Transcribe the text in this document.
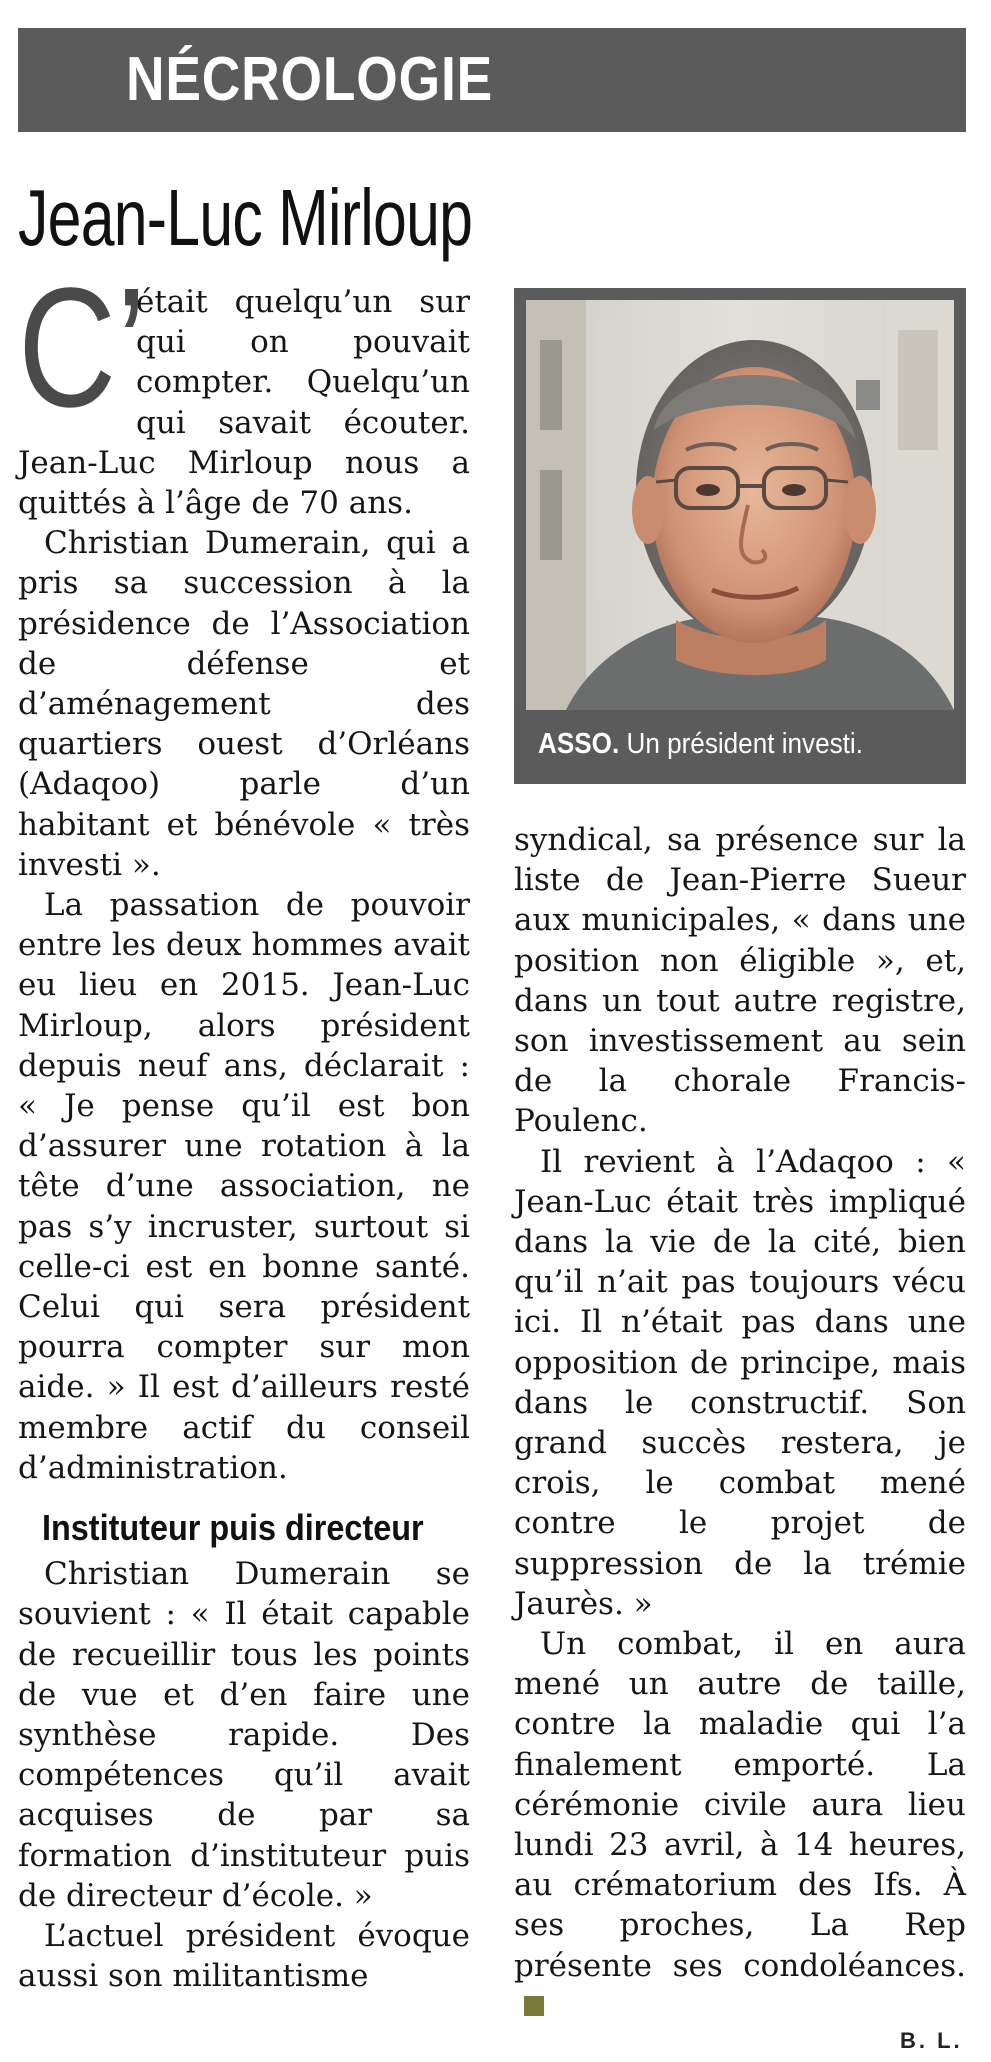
NÉCROLOGIE
Jean-Luc Mirloup
C’

était quelqu’un sur qui on pouvait compter. Quelqu’un qui savait écouter. Jean-Luc Mirloup nous a quittés à l’âge de 70 ans.

Christian Dumerain, qui a pris sa succession à la présidence de l’Association de défense et d’aménagement des quartiers ouest d’Orléans (Adaqoo) parle d’un habitant et bénévole « très investi ».

La passation de pouvoir entre les deux hommes avait eu lieu en 2015. Jean-Luc Mirloup, alors président depuis neuf ans, déclarait : « Je pense qu’il est bon d’assurer une rotation à la tête d’une association, ne pas s’y incruster, surtout si celle-ci est en bonne santé. Celui qui sera président pourra compter sur mon aide. » Il est d’ailleurs resté membre actif du conseil d’administration.

Instituteur puis directeur

Christian Dumerain se souvient : « Il était capable de recueillir tous les points de vue et d’en faire une synthèse rapide. Des compétences qu’il avait acquises de par sa formation d’instituteur puis de directeur d’école. »

L’actuel président évoque aussi son militantisme

ASSO. Un président investi.

syndical, sa présence sur la liste de Jean-Pierre Sueur aux municipales, « dans une position non éligible », et, dans un tout autre registre, son investissement au sein de la chorale Francis-Poulenc.

Il revient à l’Adaqoo : « Jean-Luc était très impliqué dans la vie de la cité, bien qu’il n’ait pas toujours vécu ici. Il n’était pas dans une opposition de principe, mais dans le constructif. Son grand succès restera, je crois, le combat mené contre le projet de suppression de la trémie Jaurès. »

Un combat, il en aura mené un autre de taille, contre la maladie qui l’a finalement emporté. La cérémonie civile aura lieu lundi 23 avril, à 14 heures, au crématorium des Ifs. À ses proches, La Rep présente ses condoléances.

B. L.
